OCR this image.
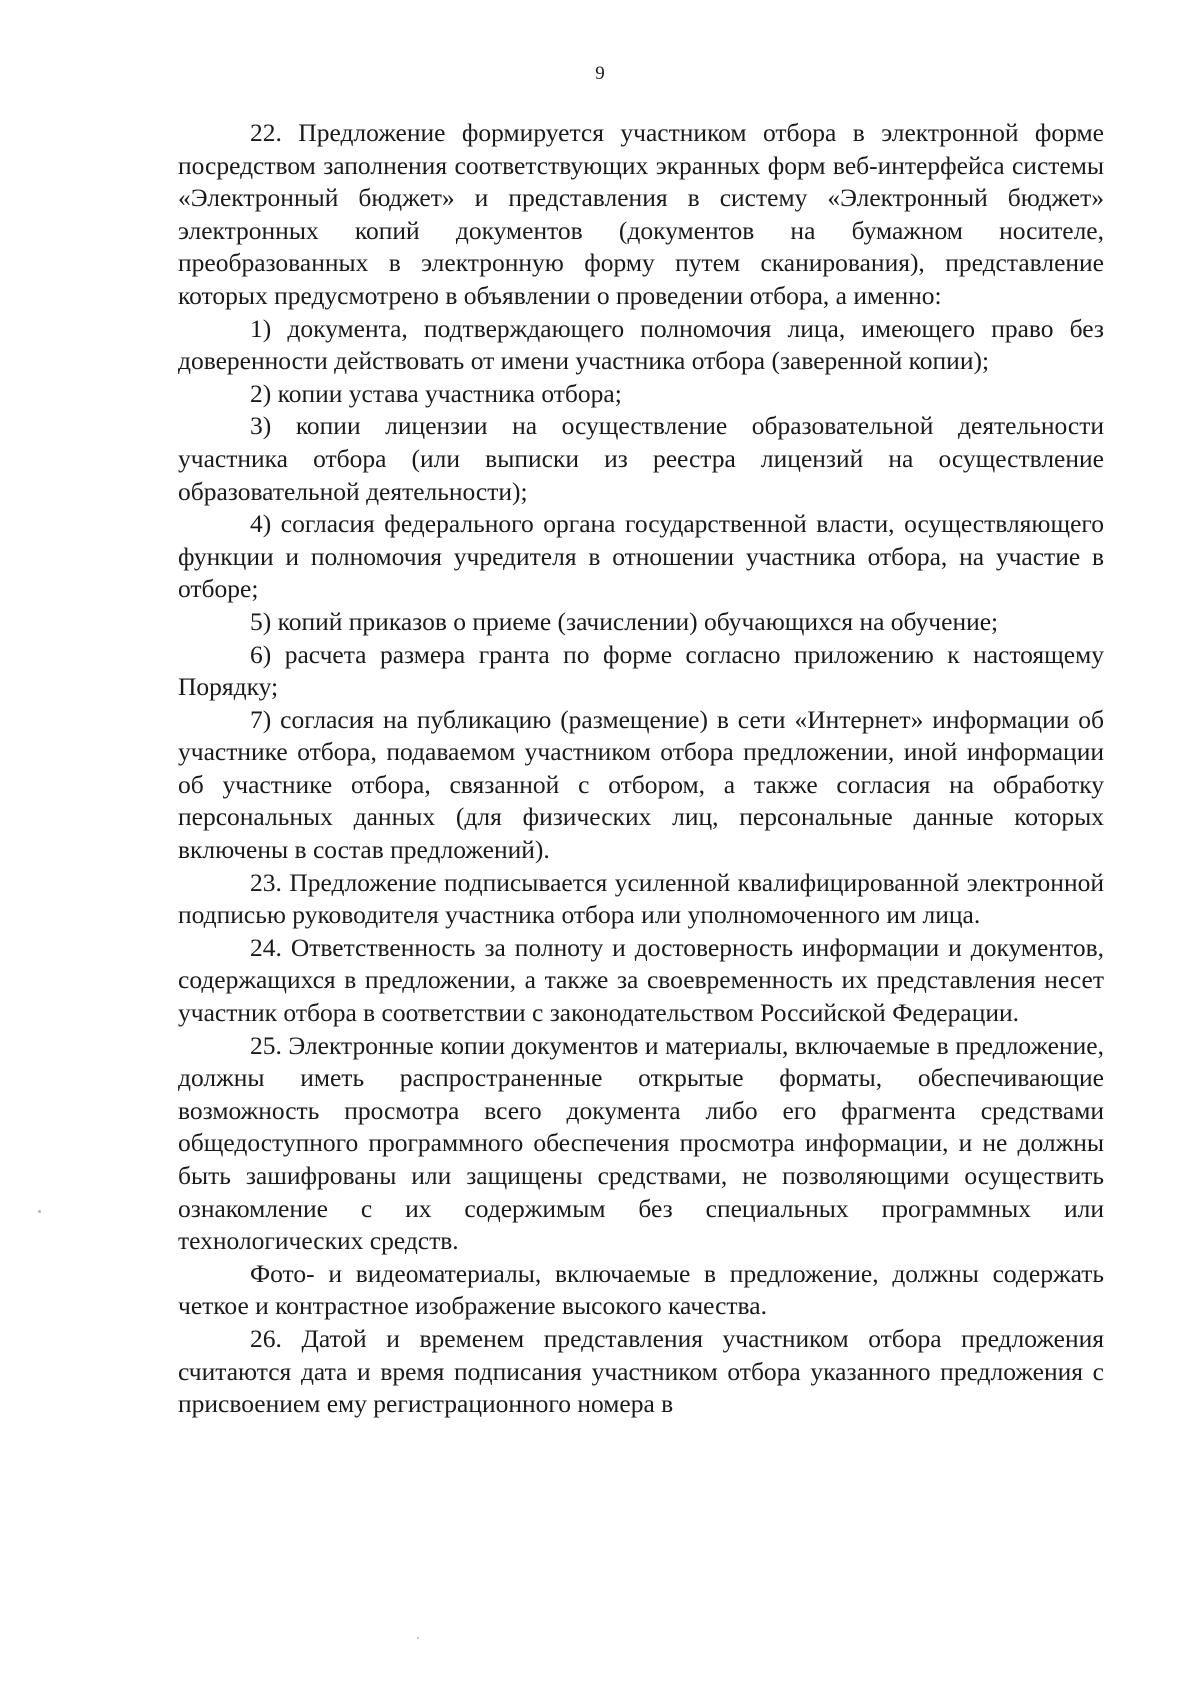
9

22. Предложение формируется участником отбора в электронной форме посредством заполнения соответствующих экранных форм веб-интерфейса системы «Электронный бюджет» и представления в систему «Электронный бюджет» электронных копий документов (документов на бумажном носителе, преобразованных в электронную форму путем сканирования), представление которых предусмотрено в объявлении о проведении отбора, а именно:

1) документа, подтверждающего полномочия лица, имеющего право без доверенности действовать от имени участника отбора (заверенной копии);

2) копии устава участника отбора;

3) копии лицензии на осуществление образовательной деятельности участника отбора (или выписки из реестра лицензий на осуществление образовательной деятельности);

4) согласия федерального органа государственной власти, осуществляющего функции и полномочия учредителя в отношении участника отбора, на участие в отборе;

5) копий приказов о приеме (зачислении) обучающихся на обучение;

6) расчета размера гранта по форме согласно приложению к настоящему Порядку;

7) согласия на публикацию (размещение) в сети «Интернет» информации об участнике отбора, подаваемом участником отбора предложении, иной информации об участнике отбора, связанной с отбором, а также согласия на обработку персональных данных (для физических лиц, персональные данные которых включены в состав предложений).

23. Предложение подписывается усиленной квалифицированной электронной подписью руководителя участника отбора или уполномоченного им лица.

24. Ответственность за полноту и достоверность информации и документов, содержащихся в предложении, а также за своевременность их представления несет участник отбора в соответствии с законодательством Российской Федерации.

25. Электронные копии документов и материалы, включаемые в предложение, должны иметь распространенные открытые форматы, обеспечивающие возможность просмотра всего документа либо его фрагмента средствами общедоступного программного обеспечения просмотра информации, и не должны быть зашифрованы или защищены средствами, не позволяющими осуществить ознакомление с их содержимым без специальных программных или технологических средств.

Фото- и видеоматериалы, включаемые в предложение, должны содержать четкое и контрастное изображение высокого качества.

26. Датой и временем представления участником отбора предложения считаются дата и время подписания участником отбора указанного предложения с присвоением ему регистрационного номера в
